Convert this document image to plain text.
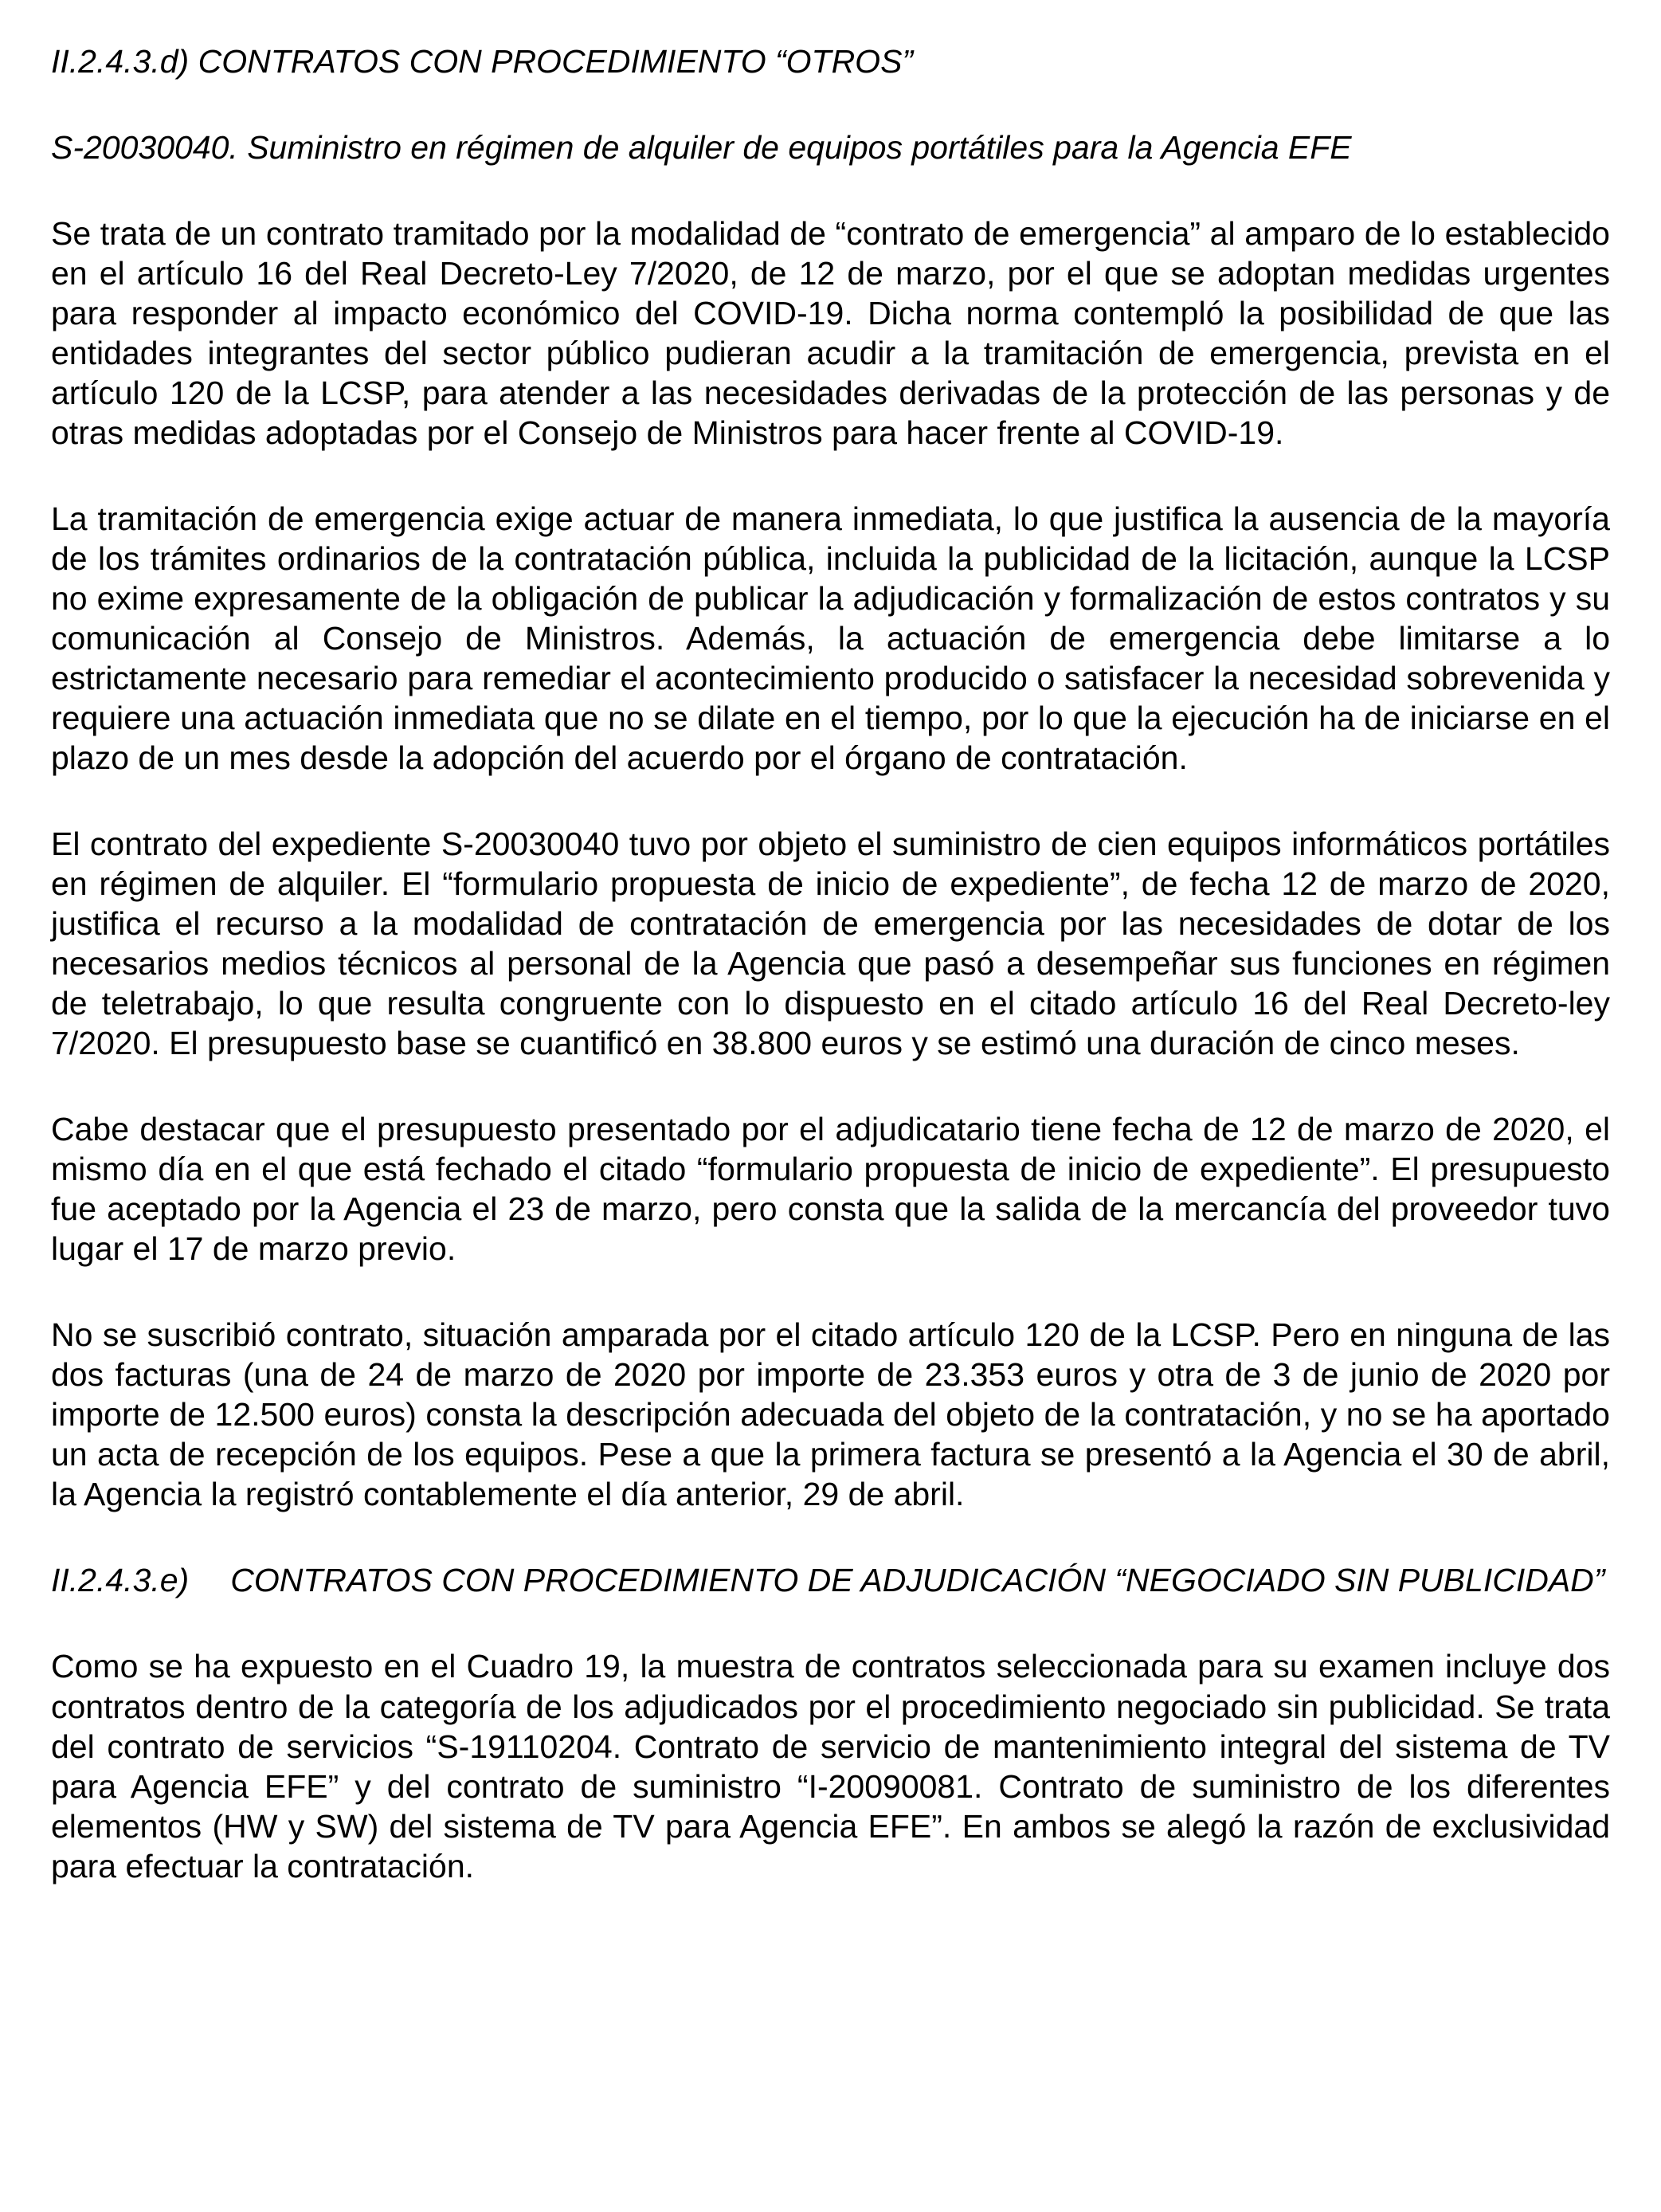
II.2.4.3.d) CONTRATOS CON PROCEDIMIENTO “OTROS”
S-20030040. Suministro en régimen de alquiler de equipos portátiles para la Agencia EFE

Se trata de un contrato tramitado por la modalidad de “contrato de emergencia” al amparo de lo establecido en el artículo 16 del Real Decreto-Ley 7/2020, de 12 de marzo, por el que se adoptan medidas urgentes para responder al impacto económico del COVID-19. Dicha norma contempló la posibilidad de que las entidades integrantes del sector público pudieran acudir a la tramitación de emergencia, prevista en el artículo 120 de la LCSP, para atender a las necesidades derivadas de la protección de las personas y de otras medidas adoptadas por el Consejo de Ministros para hacer frente al COVID-19.

La tramitación de emergencia exige actuar de manera inmediata, lo que justifica la ausencia de la mayoría de los trámites ordinarios de la contratación pública, incluida la publicidad de la licitación, aunque la LCSP no exime expresamente de la obligación de publicar la adjudicación y formalización de estos contratos y su comunicación al Consejo de Ministros. Además, la actuación de emergencia debe limitarse a lo estrictamente necesario para remediar el acontecimiento producido o satisfacer la necesidad sobrevenida y requiere una actuación inmediata que no se dilate en el tiempo, por lo que la ejecución ha de iniciarse en el plazo de un mes desde la adopción del acuerdo por el órgano de contratación.

El contrato del expediente S-20030040 tuvo por objeto el suministro de cien equipos informáticos portátiles en régimen de alquiler. El “formulario propuesta de inicio de expediente”, de fecha 12 de marzo de 2020, justifica el recurso a la modalidad de contratación de emergencia por las necesidades de dotar de los necesarios medios técnicos al personal de la Agencia que pasó a desempeñar sus funciones en régimen de teletrabajo, lo que resulta congruente con lo dispuesto en el citado artículo 16 del Real Decreto-ley 7/2020. El presupuesto base se cuantificó en 38.800 euros y se estimó una duración de cinco meses.

Cabe destacar que el presupuesto presentado por el adjudicatario tiene fecha de 12 de marzo de 2020, el mismo día en el que está fechado el citado “formulario propuesta de inicio de expediente”. El presupuesto fue aceptado por la Agencia el 23 de marzo, pero consta que la salida de la mercancía del proveedor tuvo lugar el 17 de marzo previo.

No se suscribió contrato, situación amparada por el citado artículo 120 de la LCSP. Pero en ninguna de las dos facturas (una de 24 de marzo de 2020 por importe de 23.353 euros y otra de 3 de junio de 2020 por importe de 12.500 euros) consta la descripción adecuada del objeto de la contratación, y no se ha aportado un acta de recepción de los equipos. Pese a que la primera factura se presentó a la Agencia el 30 de abril, la Agencia la registró contablemente el día anterior, 29 de abril.

II.2.4.3.e) CONTRATOS CON PROCEDIMIENTO DE ADJUDICACIÓN “NEGOCIADO SIN PUBLICIDAD”

Como se ha expuesto en el Cuadro 19, la muestra de contratos seleccionada para su examen incluye dos contratos dentro de la categoría de los adjudicados por el procedimiento negociado sin publicidad. Se trata del contrato de servicios “S-19110204. Contrato de servicio de mantenimiento integral del sistema de TV para Agencia EFE” y del contrato de suministro “I-20090081. Contrato de suministro de los diferentes elementos (HW y SW) del sistema de TV para Agencia EFE”. En ambos se alegó la razón de exclusividad para efectuar la contratación.
